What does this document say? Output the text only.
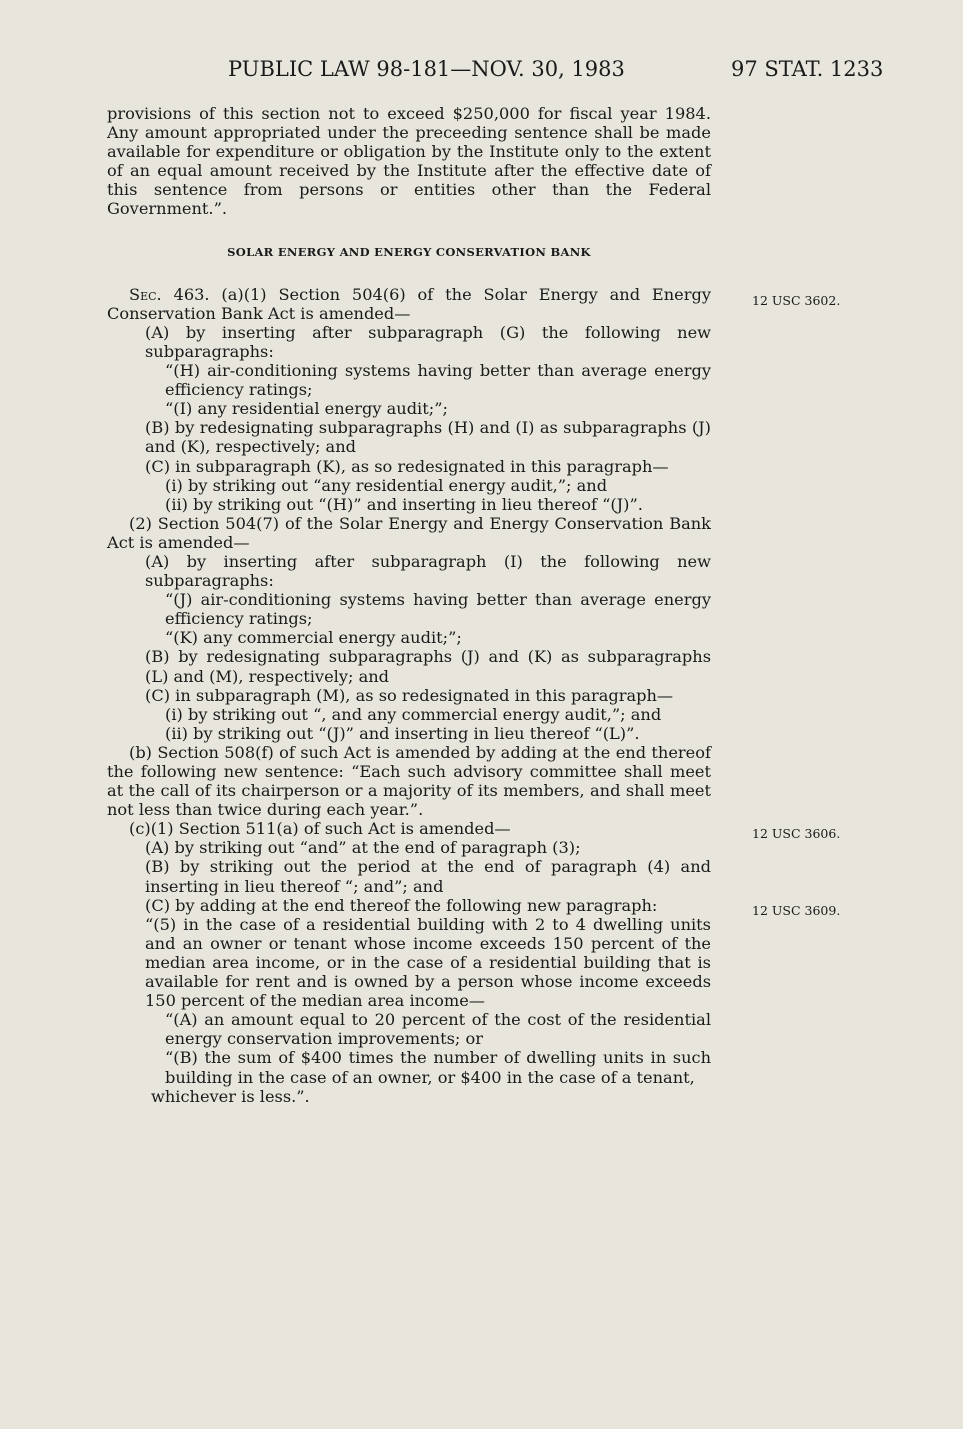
PUBLIC LAW 98-181—NOV. 30, 1983	97 STAT. 1233

provisions of this section not to exceed $250,000 for fiscal year 1984. Any amount appropriated under the preceeding sentence shall be made available for expenditure or obligation by the Institute only to the extent of an equal amount received by the Institute after the effective date of this sentence from persons or entities other than the Federal Government.”.

SOLAR ENERGY AND ENERGY CONSERVATION BANK

Sec. 463. (a)(1) Section 504(6) of the Solar Energy and Energy Conservation Bank Act is amended—

(A) by inserting after subparagraph (G) the following new subparagraphs:

“(H) air-conditioning systems having better than average energy efficiency ratings;

“(I) any residential energy audit;”;

(B) by redesignating subparagraphs (H) and (I) as subparagraphs (J) and (K), respectively; and

(C) in subparagraph (K), as so redesignated in this paragraph—

(i) by striking out “any residential energy audit,”; and

(ii) by striking out “(H)” and inserting in lieu thereof “(J)”.

(2) Section 504(7) of the Solar Energy and Energy Conservation Bank Act is amended—

(A) by inserting after subparagraph (I) the following new subparagraphs:

“(J) air-conditioning systems having better than average energy efficiency ratings;

“(K) any commercial energy audit;”;

(B) by redesignating subparagraphs (J) and (K) as subparagraphs (L) and (M), respectively; and

(C) in subparagraph (M), as so redesignated in this paragraph—

(i) by striking out “, and any commercial energy audit,”; and

(ii) by striking out “(J)” and inserting in lieu thereof “(L)”.

(b) Section 508(f) of such Act is amended by adding at the end thereof the following new sentence: “Each such advisory committee shall meet at the call of its chairperson or a majority of its members, and shall meet not less than twice during each year.”.

(c)(1) Section 511(a) of such Act is amended—

(A) by striking out “and” at the end of paragraph (3);

(B) by striking out the period at the end of paragraph (4) and inserting in lieu thereof “; and”; and

(C) by adding at the end thereof the following new paragraph:

“(5) in the case of a residential building with 2 to 4 dwelling units and an owner or tenant whose income exceeds 150 percent of the median area income, or in the case of a residential building that is available for rent and is owned by a person whose income exceeds 150 percent of the median area income—

“(A) an amount equal to 20 percent of the cost of the residential energy conservation improvements; or

“(B) the sum of $400 times the number of dwelling units in such building in the case of an owner, or $400 in the case of a tenant,

whichever is less.”.

12 USC 3602.
12 USC 3606.
12 USC 3609.
